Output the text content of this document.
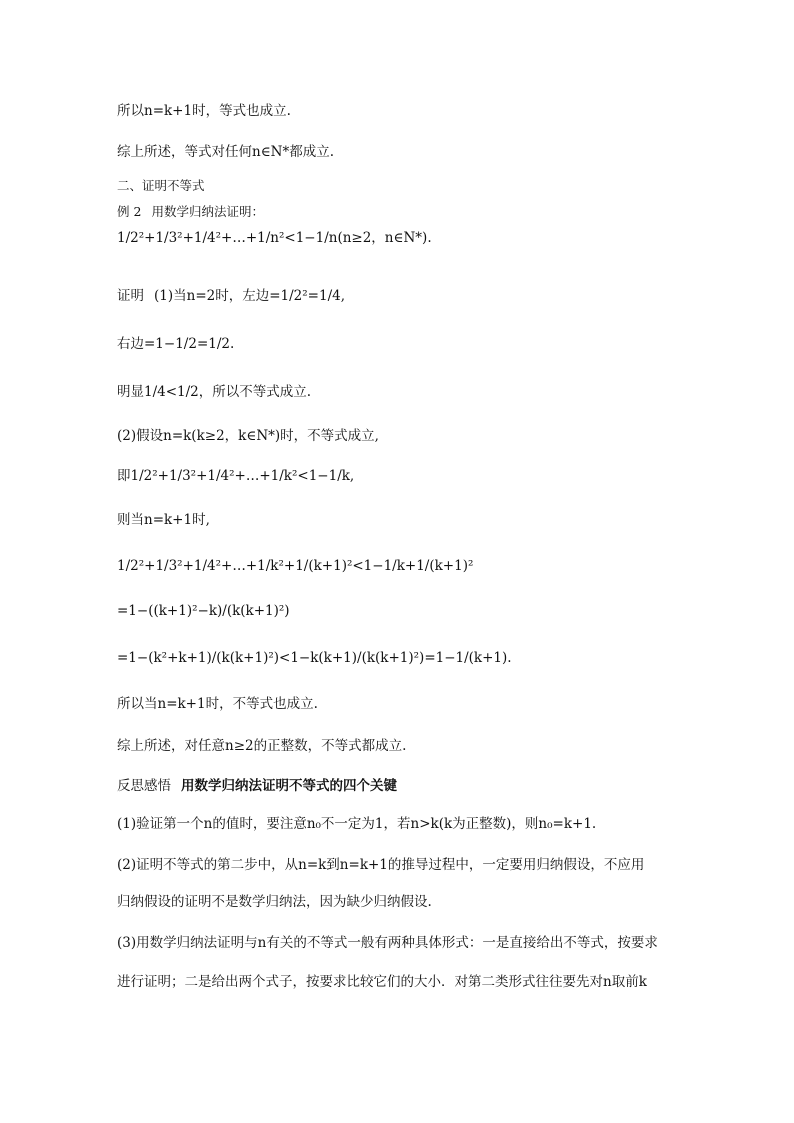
所以n=k+1时，等式也成立.
综上所述，等式对任何n∈N*都成立.
二、证明不等式
例 2 用数学归纳法证明：
1/2²+1/3²+1/4²+…+1/n²<1−1/n(n≥2，n∈N*).
证明 (1)当n=2时，左边=1/2²=1/4,
右边=1−1/2=1/2.
明显1/4<1/2，所以不等式成立.
(2)假设n=k(k≥2，k∈N*)时，不等式成立,
即1/2²+1/3²+1/4²+…+1/k²<1−1/k,
则当n=k+1时,
1/2²+1/3²+1/4²+…+1/k²+1/(k+1)²<1−1/k+1/(k+1)²
=1−((k+1)²−k)/(k(k+1)²)
=1−(k²+k+1)/(k(k+1)²)<1−k(k+1)/(k(k+1)²)=1−1/(k+1).
所以当n=k+1时，不等式也成立.
综上所述，对任意n≥2的正整数，不等式都成立.
反思感悟 用数学归纳法证明不等式的四个关键
(1)验证第一个n的值时，要注意n₀不一定为1，若n>k(k为正整数)，则n₀=k+1.
(2)证明不等式的第二步中，从n=k到n=k+1的推导过程中，一定要用归纳假设，不应用
归纳假设的证明不是数学归纳法，因为缺少归纳假设.
(3)用数学归纳法证明与n有关的不等式一般有两种具体形式：一是直接给出不等式，按要求
进行证明；二是给出两个式子，按要求比较它们的大小．对第二类形式往往要先对n取前k
